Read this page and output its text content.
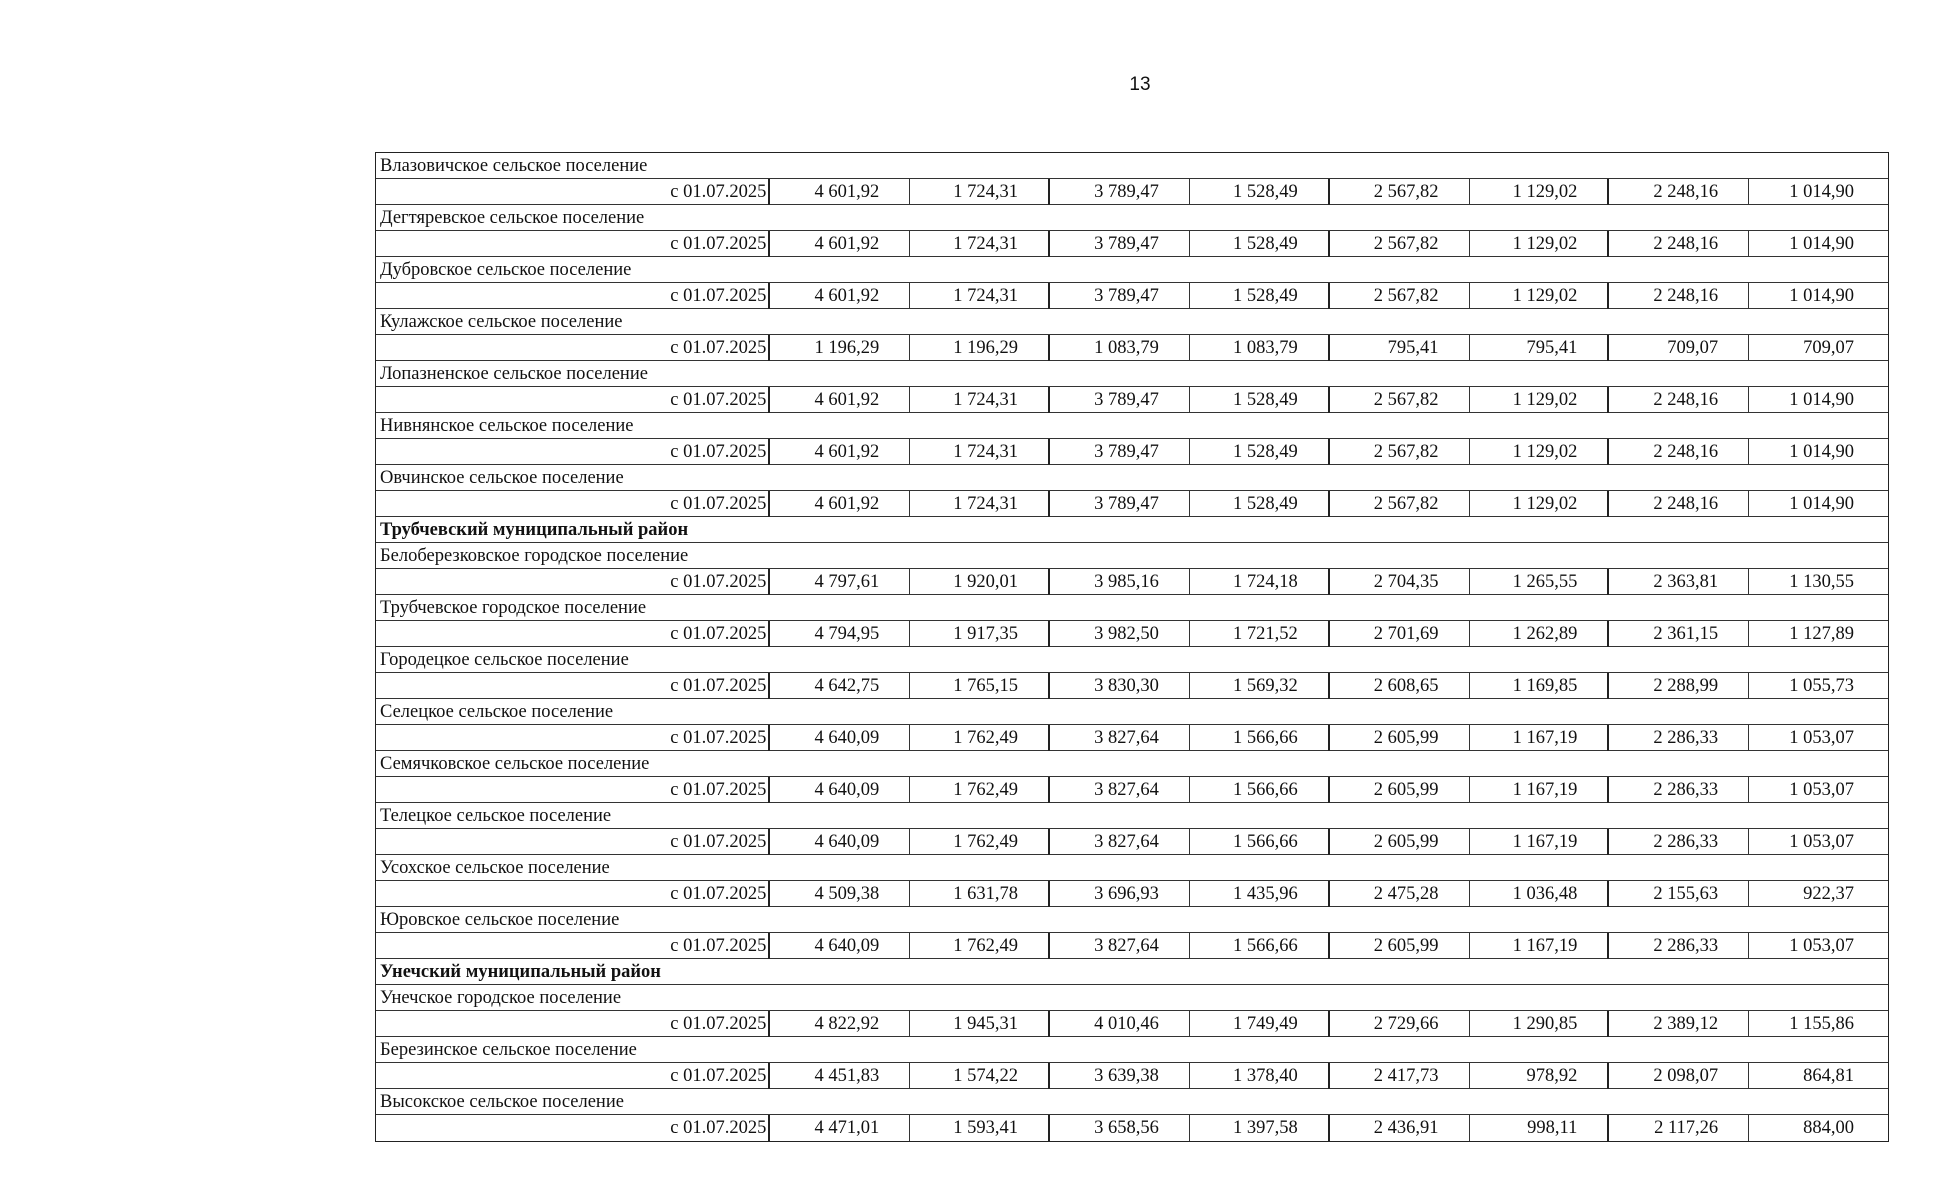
13
Влазовичское сельское поселение
с 01.07.2025	4 601,92	1 724,31	3 789,47	1 528,49	2 567,82	1 129,02	2 248,16	1 014,90
Дегтяревское сельское поселение
с 01.07.2025	4 601,92	1 724,31	3 789,47	1 528,49	2 567,82	1 129,02	2 248,16	1 014,90
Дубровское сельское поселение
с 01.07.2025	4 601,92	1 724,31	3 789,47	1 528,49	2 567,82	1 129,02	2 248,16	1 014,90
Кулажское сельское поселение
с 01.07.2025	1 196,29	1 196,29	1 083,79	1 083,79	795,41	795,41	709,07	709,07
Лопазненское сельское поселение
с 01.07.2025	4 601,92	1 724,31	3 789,47	1 528,49	2 567,82	1 129,02	2 248,16	1 014,90
Нивнянское сельское поселение
с 01.07.2025	4 601,92	1 724,31	3 789,47	1 528,49	2 567,82	1 129,02	2 248,16	1 014,90
Овчинское сельское поселение
с 01.07.2025	4 601,92	1 724,31	3 789,47	1 528,49	2 567,82	1 129,02	2 248,16	1 014,90
Трубчевский муниципальный район
Белоберезковское городское поселение
с 01.07.2025	4 797,61	1 920,01	3 985,16	1 724,18	2 704,35	1 265,55	2 363,81	1 130,55
Трубчевское городское поселение
с 01.07.2025	4 794,95	1 917,35	3 982,50	1 721,52	2 701,69	1 262,89	2 361,15	1 127,89
Городецкое сельское поселение
с 01.07.2025	4 642,75	1 765,15	3 830,30	1 569,32	2 608,65	1 169,85	2 288,99	1 055,73
Селецкое сельское поселение
с 01.07.2025	4 640,09	1 762,49	3 827,64	1 566,66	2 605,99	1 167,19	2 286,33	1 053,07
Семячковское сельское поселение
с 01.07.2025	4 640,09	1 762,49	3 827,64	1 566,66	2 605,99	1 167,19	2 286,33	1 053,07
Телецкое сельское поселение
с 01.07.2025	4 640,09	1 762,49	3 827,64	1 566,66	2 605,99	1 167,19	2 286,33	1 053,07
Усохское сельское поселение
с 01.07.2025	4 509,38	1 631,78	3 696,93	1 435,96	2 475,28	1 036,48	2 155,63	922,37
Юровское сельское поселение
с 01.07.2025	4 640,09	1 762,49	3 827,64	1 566,66	2 605,99	1 167,19	2 286,33	1 053,07
Унечский муниципальный район
Унечское городское поселение
с 01.07.2025	4 822,92	1 945,31	4 010,46	1 749,49	2 729,66	1 290,85	2 389,12	1 155,86
Березинское сельское поселение
с 01.07.2025	4 451,83	1 574,22	3 639,38	1 378,40	2 417,73	978,92	2 098,07	864,81
Высокское сельское поселение
с 01.07.2025	4 471,01	1 593,41	3 658,56	1 397,58	2 436,91	998,11	2 117,26	884,00
